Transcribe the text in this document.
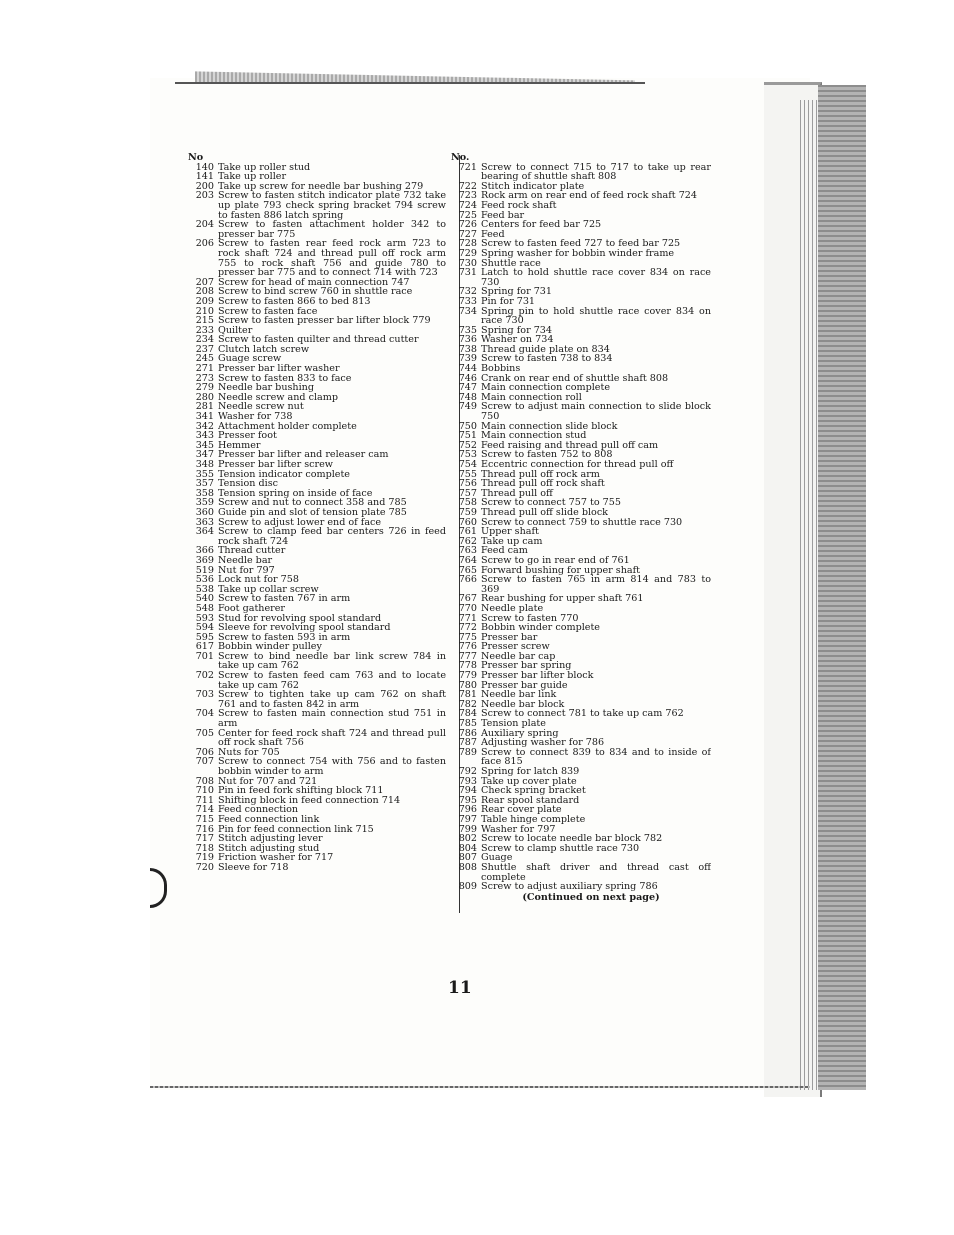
No
140 Take up roller stud
141 Take up roller
200 Take up screw for needle bar bushing 279
203 Screw to fasten stitch indicator plate 732 take up plate 793 check spring bracket 794 screw to fasten 886 latch spring
204 Screw to fasten attachment holder 342 to presser bar 775
206 Screw to fasten rear feed rock arm 723 to rock shaft 724 and thread pull off rock arm 755 to rock shaft 756 and guide 780 to presser bar 775 and to connect 714 with 723
207 Screw for head of main connection 747
208 Screw to bind screw 760 in shuttle race
209 Screw to fasten 866 to bed 813
210 Screw to fasten face
215 Screw to fasten presser bar lifter block 779
233 Quilter
234 Screw to fasten quilter and thread cutter
237 Clutch latch screw
245 Guage screw
271 Presser bar lifter washer
273 Screw to fasten 833 to face
279 Needle bar bushing
280 Needle screw and clamp
281 Needle screw nut
341 Washer for 738
342 Attachment holder complete
343 Presser foot
345 Hemmer
347 Presser bar lifter and releaser cam
348 Presser bar lifter screw
355 Tension indicator complete
357 Tension disc
358 Tension spring on inside of face
359 Screw and nut to connect 358 and 785
360 Guide pin and slot of tension plate 785
363 Screw to adjust lower end of face
364 Screw to clamp feed bar centers 726 in feed rock shaft 724
366 Thread cutter
369 Needle bar
519 Nut for 797
536 Lock nut for 758
538 Take up collar screw
540 Screw to fasten 767 in arm
548 Foot gatherer
593 Stud for revolving spool standard
594 Sleeve for revolving spool standard
595 Screw to fasten 593 in arm
617 Bobbin winder pulley
701 Screw to bind needle bar link screw 784 in take up cam 762
702 Screw to fasten feed cam 763 and to locate take up cam 762
703 Screw to tighten take up cam 762 on shaft 761 and to fasten 842 in arm
704 Screw to fasten main connection stud 751 in arm
705 Center for feed rock shaft 724 and thread pull off rock shaft 756
706 Nuts for 705
707 Screw to connect 754 with 756 and to fasten bobbin winder to arm
708 Nut for 707 and 721
710 Pin in feed fork shifting block 711
711 Shifting block in feed connection 714
714 Feed connection
715 Feed connection link
716 Pin for feed connection link 715
717 Stitch adjusting lever
718 Stitch adjusting stud
719 Friction washer for 717
720 Sleeve for 718
No.
721 Screw to connect 715 to 717 to take up rear bearing of shuttle shaft 808
722 Stitch indicator plate
723 Rock arm on rear end of feed rock shaft 724
724 Feed rock shaft
725 Feed bar
726 Centers for feed bar 725
727 Feed
728 Screw to fasten feed 727 to feed bar 725
729 Spring washer for bobbin winder frame
730 Shuttle race
731 Latch to hold shuttle race cover 834 on race 730
732 Spring for 731
733 Pin for 731
734 Spring pin to hold shuttle race cover 834 on race 730
735 Spring for 734
736 Washer on 734
738 Thread guide plate on 834
739 Screw to fasten 738 to 834
744 Bobbins
746 Crank on rear end of shuttle shaft 808
747 Main connection complete
748 Main connection roll
749 Screw to adjust main connection to slide block 750
750 Main connection slide block
751 Main connection stud
752 Feed raising and thread pull off cam
753 Screw to fasten 752 to 808
754 Eccentric connection for thread pull off
755 Thread pull off rock arm
756 Thread pull off rock shaft
757 Thread pull off
758 Screw to connect 757 to 755
759 Thread pull off slide block
760 Screw to connect 759 to shuttle race 730
761 Upper shaft
762 Take up cam
763 Feed cam
764 Screw to go in rear end of 761
765 Forward bushing for upper shaft
766 Screw to fasten 765 in arm 814 and 783 to 369
767 Rear bushing for upper shaft 761
770 Needle plate
771 Screw to fasten 770
772 Bobbin winder complete
775 Presser bar
776 Presser screw
777 Needle bar cap
778 Presser bar spring
779 Presser bar lifter block
780 Presser bar guide
781 Needle bar link
782 Needle bar block
784 Screw to connect 781 to take up cam 762
785 Tension plate
786 Auxiliary spring
787 Adjusting washer for 786
789 Screw to connect 839 to 834 and to inside of face 815
792 Spring for latch 839
793 Take up cover plate
794 Check spring bracket
795 Rear spool standard
796 Rear cover plate
797 Table hinge complete
799 Washer for 797
802 Screw to locate needle bar block 782
804 Screw to clamp shuttle race 730
807 Guage
808 Shuttle shaft driver and thread cast off complete
809 Screw to adjust auxiliary spring 786
(Continued on next page)
11
